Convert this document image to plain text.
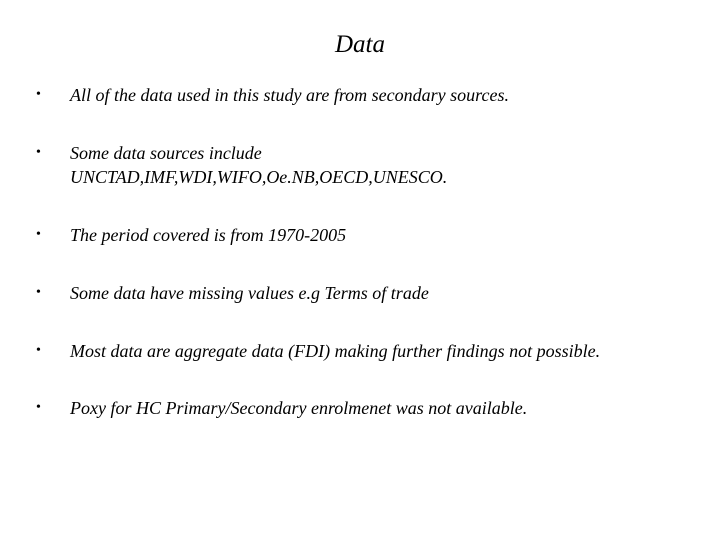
Data
•	All of the data used in this study are from secondary sources.
•	Some data sources include
UNCTAD,IMF,WDI,WIFO,Oe.NB,OECD,UNESCO.
•	The period covered is from 1970-2005
•	Some data have missing values e.g Terms of trade
•	Most data are aggregate data (FDI) making further findings not possible.
•	Poxy for HC Primary/Secondary enrolmenet was not available.
